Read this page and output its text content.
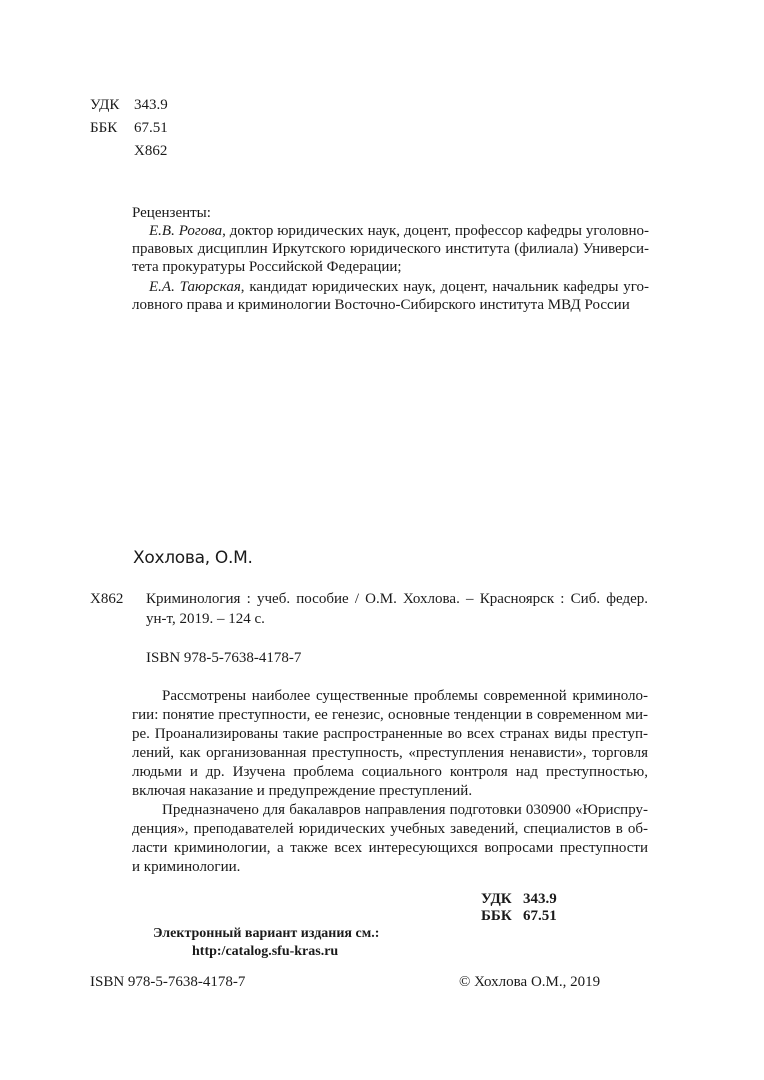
УДК 343.9
ББК 67.51
Х862
Рецензенты:
Е.В. Рогова, доктор юридических наук, доцент, профессор кафедры уголовно-
правовых дисциплин Иркутского юридического института (филиала) Универси-
тета прокуратуры Российской Федерации;
Е.А. Таюрская, кандидат юридических наук, доцент, начальник кафедры уго-
ловного права и криминологии Восточно-Сибирского института МВД России
Хохлова, О.М.
Х862 Криминология : учеб. пособие / О.М. Хохлова. – Красноярск : Сиб. федер.
ун-т, 2019. – 124 с.
ISBN 978-5-7638-4178-7
Рассмотрены наиболее существенные проблемы современной криминоло-
гии: понятие преступности, ее генезис, основные тенденции в современном ми-
ре. Проанализированы такие распространенные во всех странах виды преступ-
лений, как организованная преступность, «преступления ненависти», торговля
людьми и др. Изучена проблема социального контроля над преступностью,
включая наказание и предупреждение преступлений.
Предназначено для бакалавров направления подготовки 030900 «Юриспру-
денция», преподавателей юридических учебных заведений, специалистов в об-
ласти криминологии, а также всех интересующихся вопросами преступности
и криминологии.
УДК 343.9
ББК 67.51
Электронный вариант издания см.:
http:/catalog.sfu-kras.ru
ISBN 978-5-7638-4178-7	© Хохлова О.М., 2019
